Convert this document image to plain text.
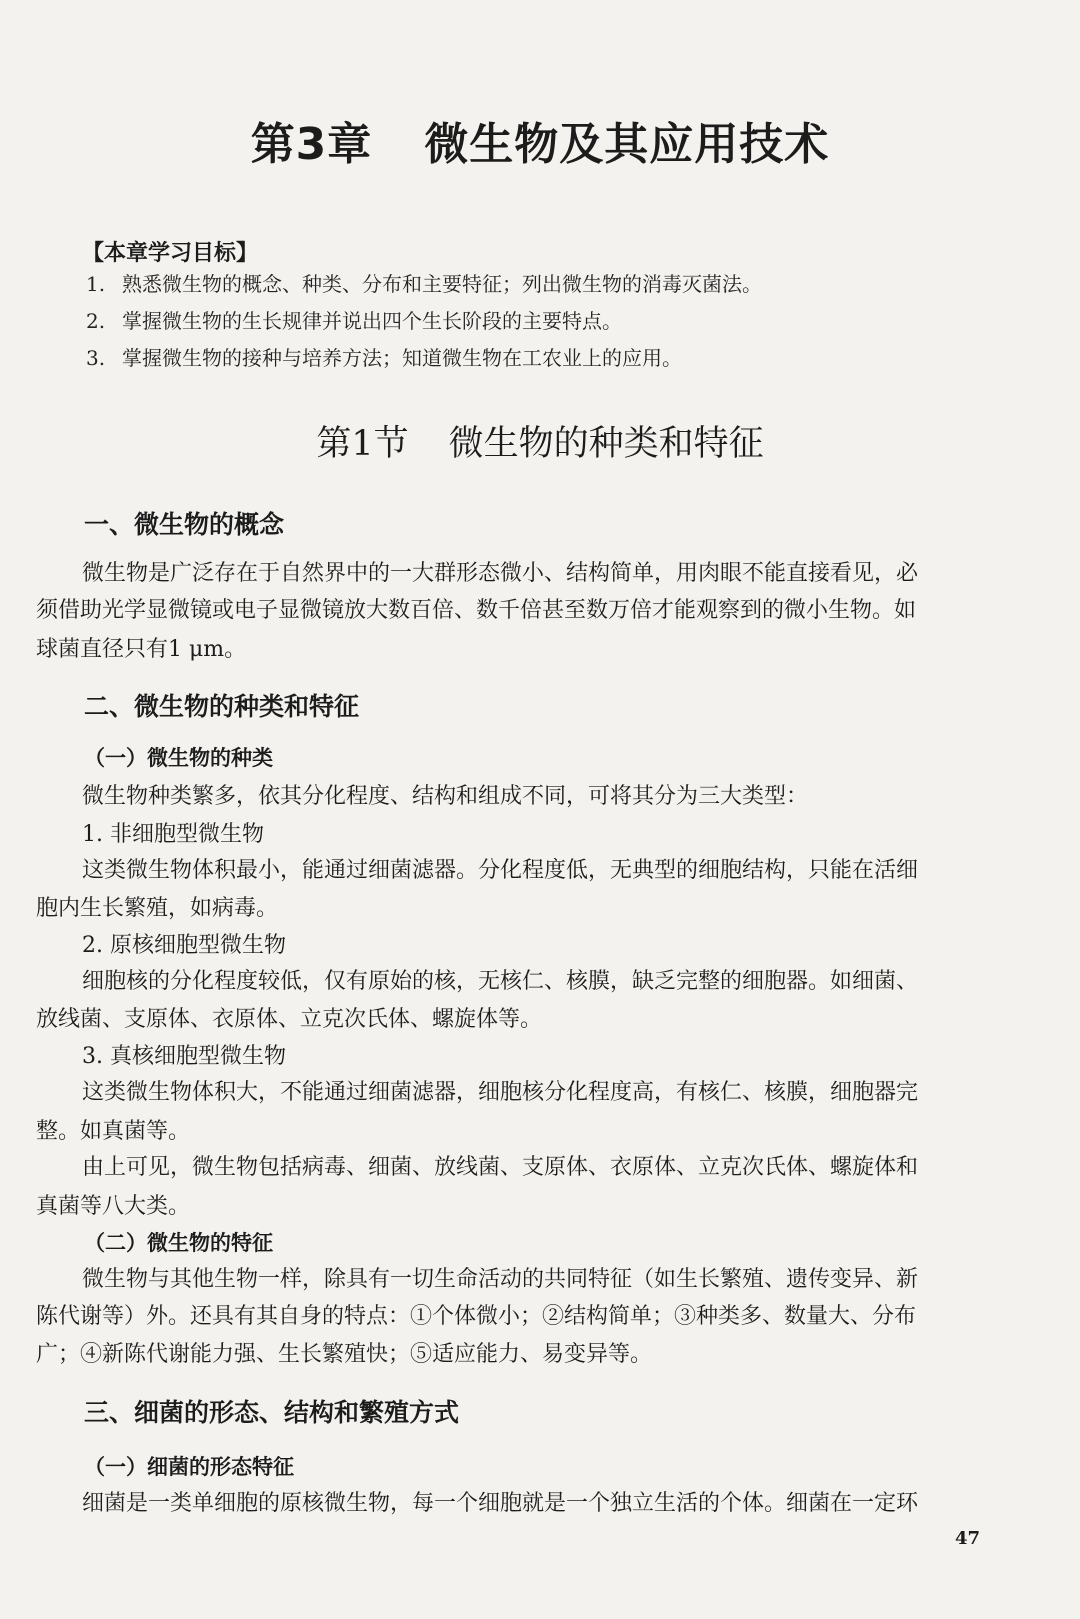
第3章 微生物及其应用技术
【本章学习目标】
1. 熟悉微生物的概念、种类、分布和主要特征；列出微生物的消毒灭菌法。
2. 掌握微生物的生长规律并说出四个生长阶段的主要特点。
3. 掌握微生物的接种与培养方法；知道微生物在工农业上的应用。
第1节 微生物的种类和特征
一、微生物的概念
微生物是广泛存在于自然界中的一大群形态微小、结构简单，用肉眼不能直接看见，必
须借助光学显微镜或电子显微镜放大数百倍、数千倍甚至数万倍才能观察到的微小生物。如
球菌直径只有1 μm。
二、微生物的种类和特征
（一）微生物的种类
微生物种类繁多，依其分化程度、结构和组成不同，可将其分为三大类型：
1. 非细胞型微生物
这类微生物体积最小，能通过细菌滤器。分化程度低，无典型的细胞结构，只能在活细
胞内生长繁殖，如病毒。
2. 原核细胞型微生物
细胞核的分化程度较低，仅有原始的核，无核仁、核膜，缺乏完整的细胞器。如细菌、
放线菌、支原体、衣原体、立克次氏体、螺旋体等。
3. 真核细胞型微生物
这类微生物体积大，不能通过细菌滤器，细胞核分化程度高，有核仁、核膜，细胞器完
整。如真菌等。
由上可见，微生物包括病毒、细菌、放线菌、支原体、衣原体、立克次氏体、螺旋体和
真菌等八大类。
（二）微生物的特征
微生物与其他生物一样，除具有一切生命活动的共同特征（如生长繁殖、遗传变异、新
陈代谢等）外。还具有其自身的特点：①个体微小；②结构简单；③种类多、数量大、分布
广；④新陈代谢能力强、生长繁殖快；⑤适应能力、易变异等。
三、细菌的形态、结构和繁殖方式
（一）细菌的形态特征
细菌是一类单细胞的原核微生物，每一个细胞就是一个独立生活的个体。细菌在一定环
47
